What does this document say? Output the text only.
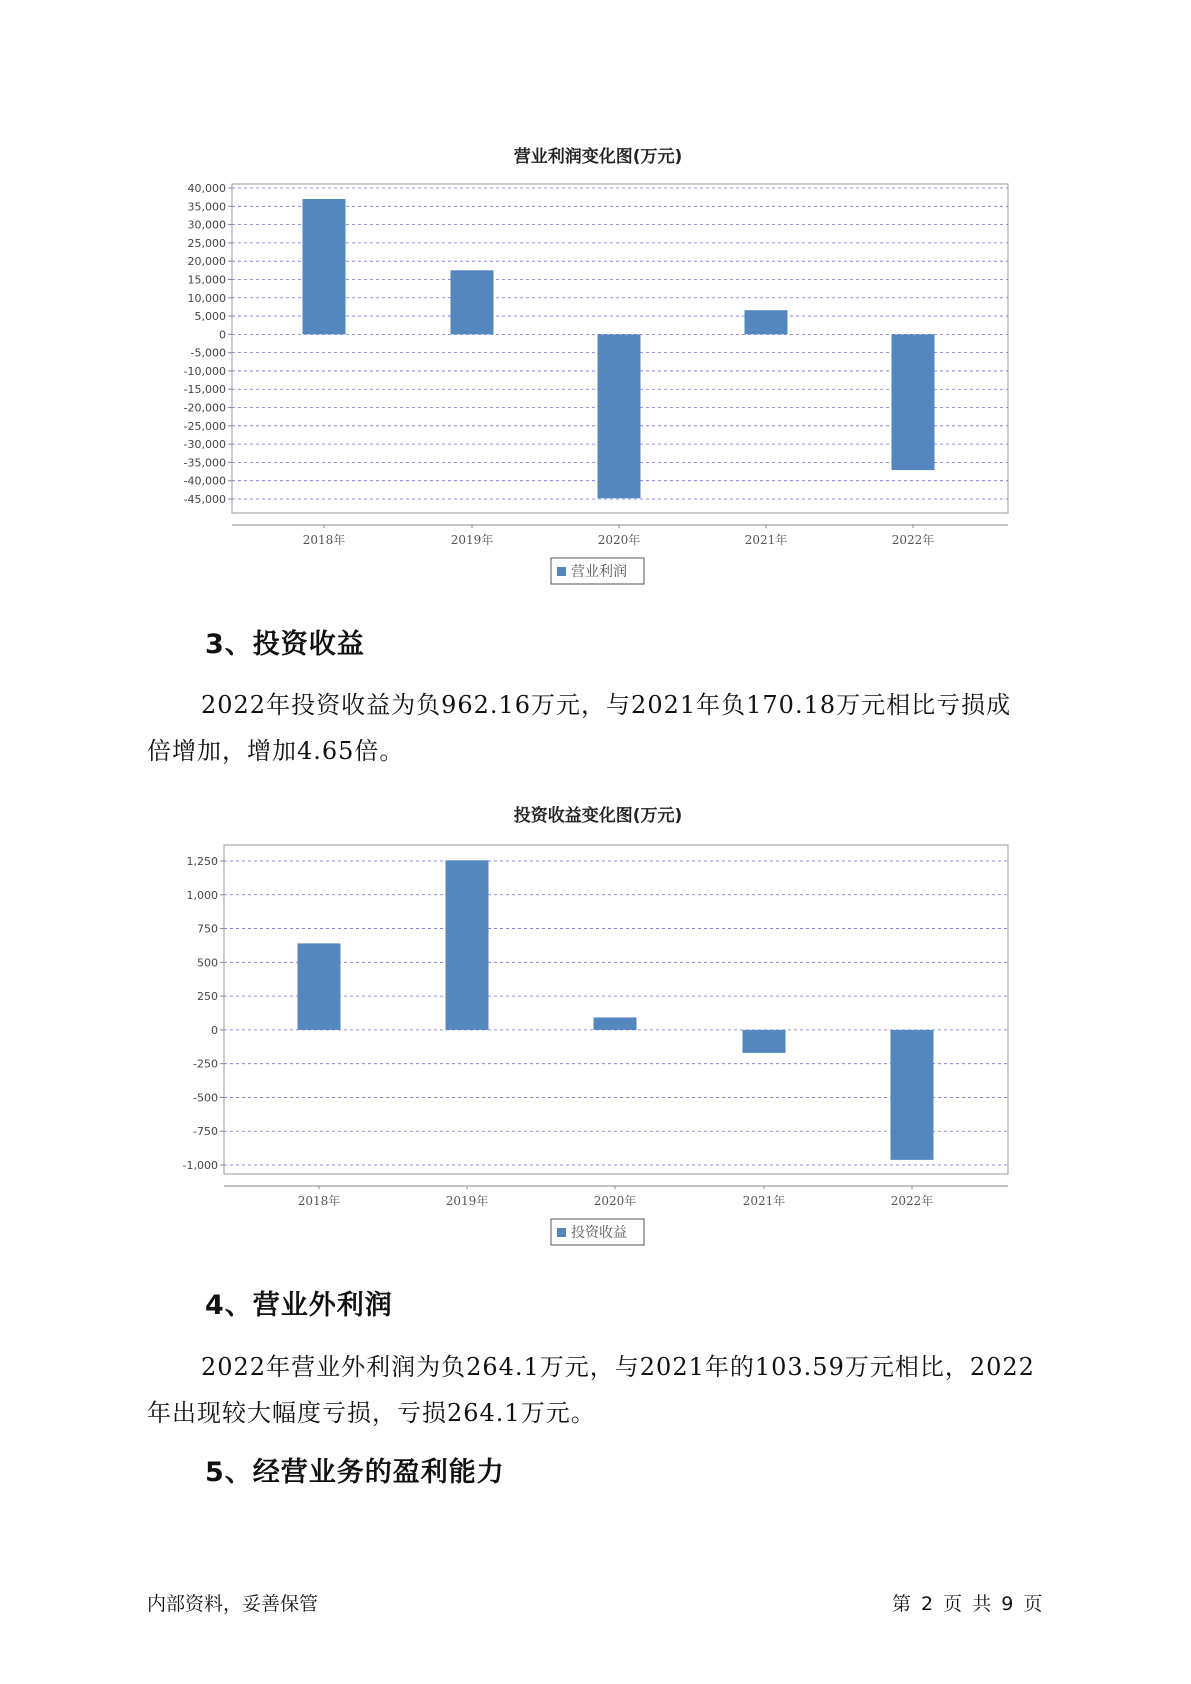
营业利润变化图(万元)
40,000
35,000
30,000
25,000
20,000
15,000
10,000
5,000
0
-5,000
-10,000
-15,000
-20,000
-25,000
-30,000
-35,000
-40,000
-45,000
2018年	2019年	2020年	2021年	2022年
营业利润
3、投资收益

2022年投资收益为负962.16万元，与2021年负170.18万元相比亏损成
倍增加，增加4.65倍。

投资收益变化图(万元)
1,250
1,000
750
500
250
0
-250
-500
-750
-1,000
2018年	2019年	2020年	2021年	2022年
投资收益
4、营业外利润

2022年营业外利润为负264.1万元，与2021年的103.59万元相比，2022
年出现较大幅度亏损，亏损264.1万元。

5、经营业务的盈利能力
内部资料，妥善保管	第 2 页 共 9 页
